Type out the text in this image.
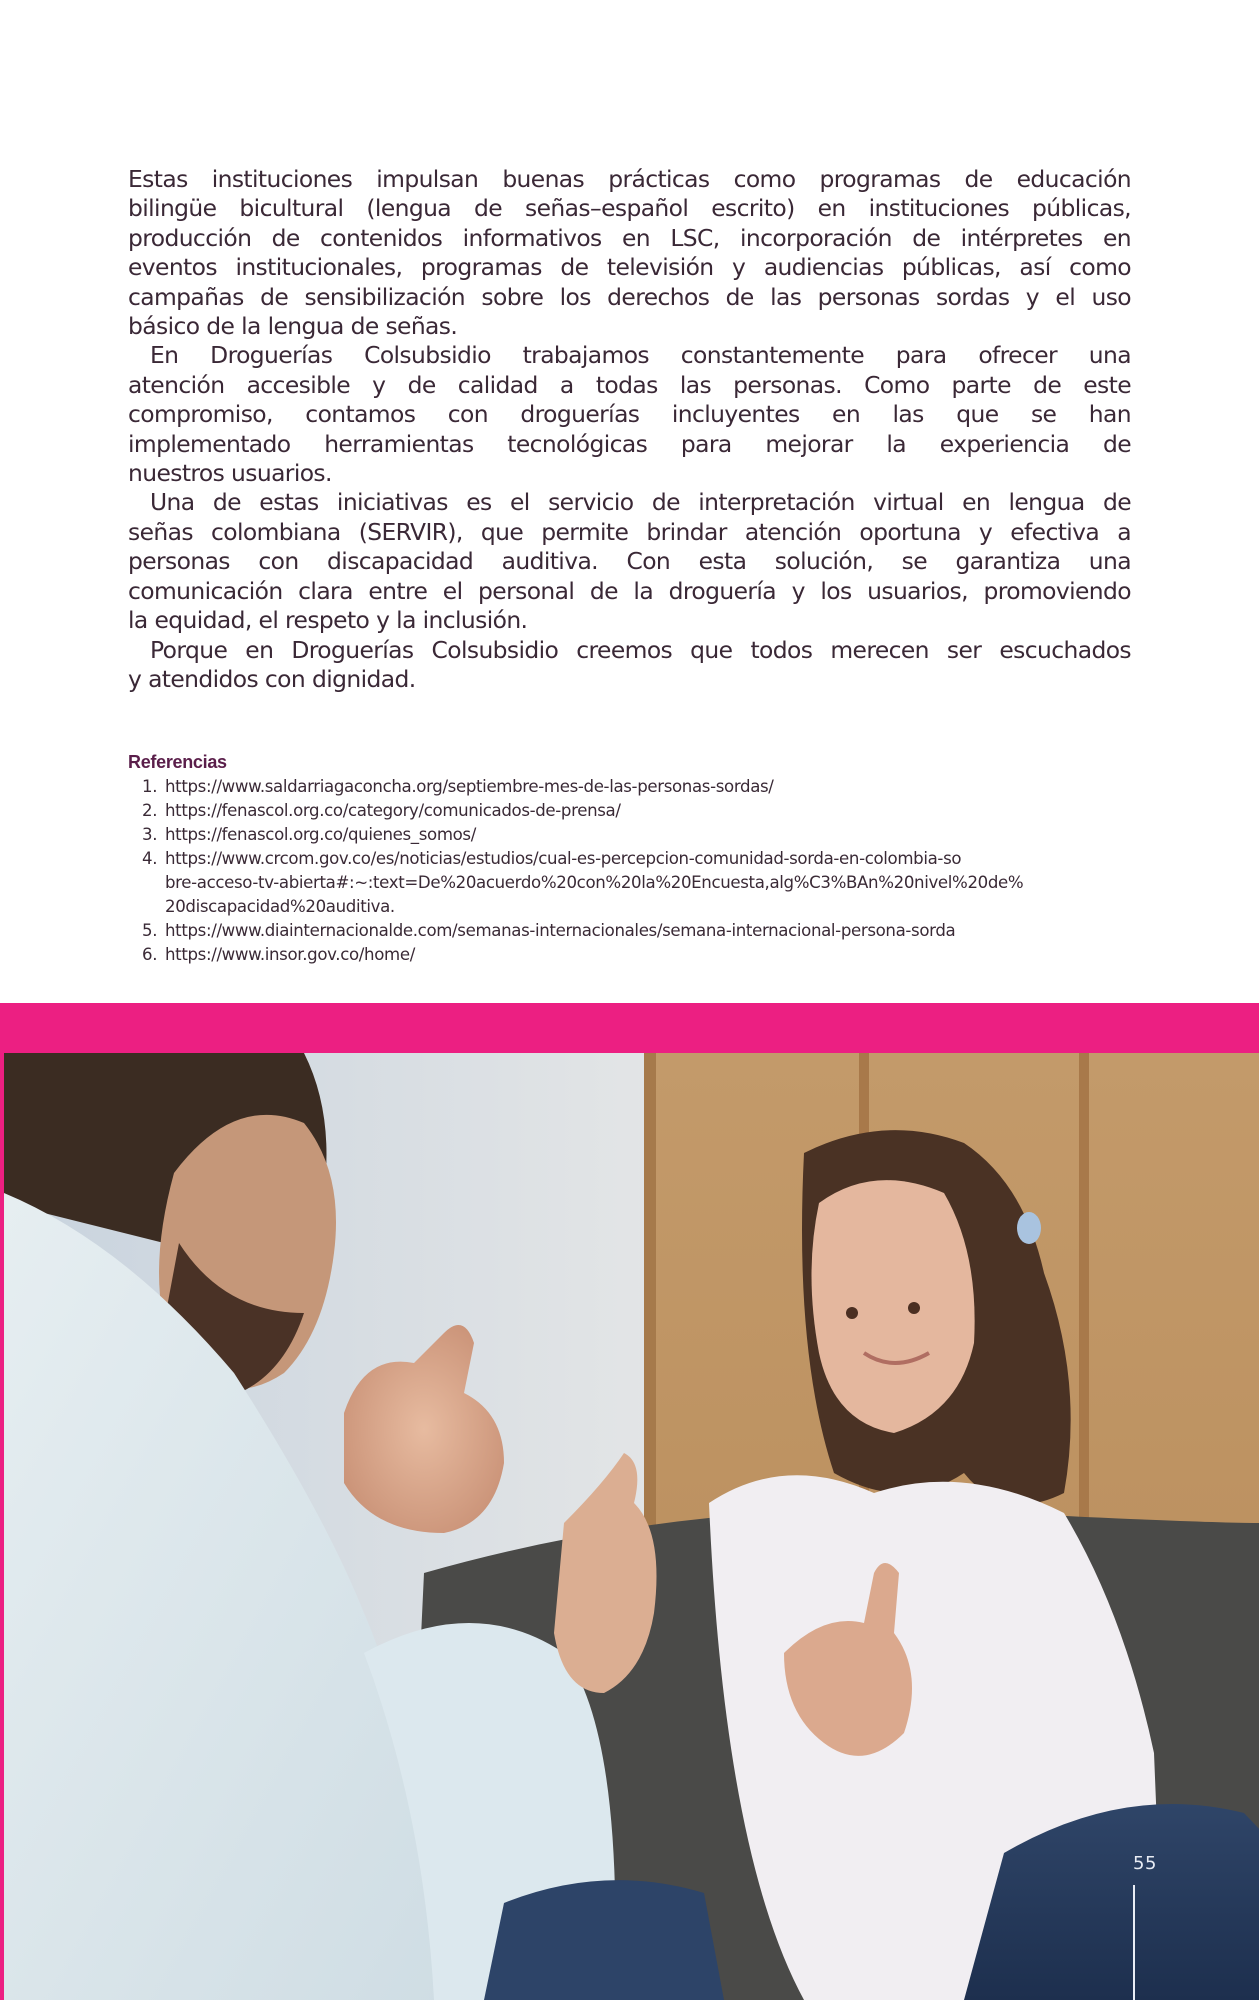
Estas instituciones impulsan buenas prácticas como programas de educación
bilingüe bicultural (lengua de señas–español escrito) en instituciones públicas,
producción de contenidos informativos en LSC, incorporación de intérpretes en
eventos institucionales, programas de televisión y audiencias públicas, así como
campañas de sensibilización sobre los derechos de las personas sordas y el uso
básico de la lengua de señas.

En Droguerías Colsubsidio trabajamos constantemente para ofrecer una
atención accesible y de calidad a todas las personas. Como parte de este
compromiso, contamos con droguerías incluyentes en las que se han
implementado herramientas tecnológicas para mejorar la experiencia de
nuestros usuarios.

Una de estas iniciativas es el servicio de interpretación virtual en lengua de
señas colombiana (SERVIR), que permite brindar atención oportuna y efectiva a
personas con discapacidad auditiva. Con esta solución, se garantiza una
comunicación clara entre el personal de la droguería y los usuarios, promoviendo
la equidad, el respeto y la inclusión.

Porque en Droguerías Colsubsidio creemos que todos merecen ser escuchados
y atendidos con dignidad.

Referencias
1. https://www.saldarriagaconcha.org/septiembre-mes-de-las-personas-sordas/
2. https://fenascol.org.co/category/comunicados-de-prensa/
3. https://fenascol.org.co/quienes_somos/
4. https://www.crcom.gov.co/es/noticias/estudios/cual-es-percepcion-comunidad-sorda-en-colombia-so
bre-acceso-tv-abierta#:~:text=De%20acuerdo%20con%20la%20Encuesta,alg%C3%BAn%20nivel%20de%
20discapacidad%20auditiva.
5. https://www.diainternacionalde.com/semanas-internacionales/semana-internacional-persona-sorda
6. https://www.insor.gov.co/home/
55
